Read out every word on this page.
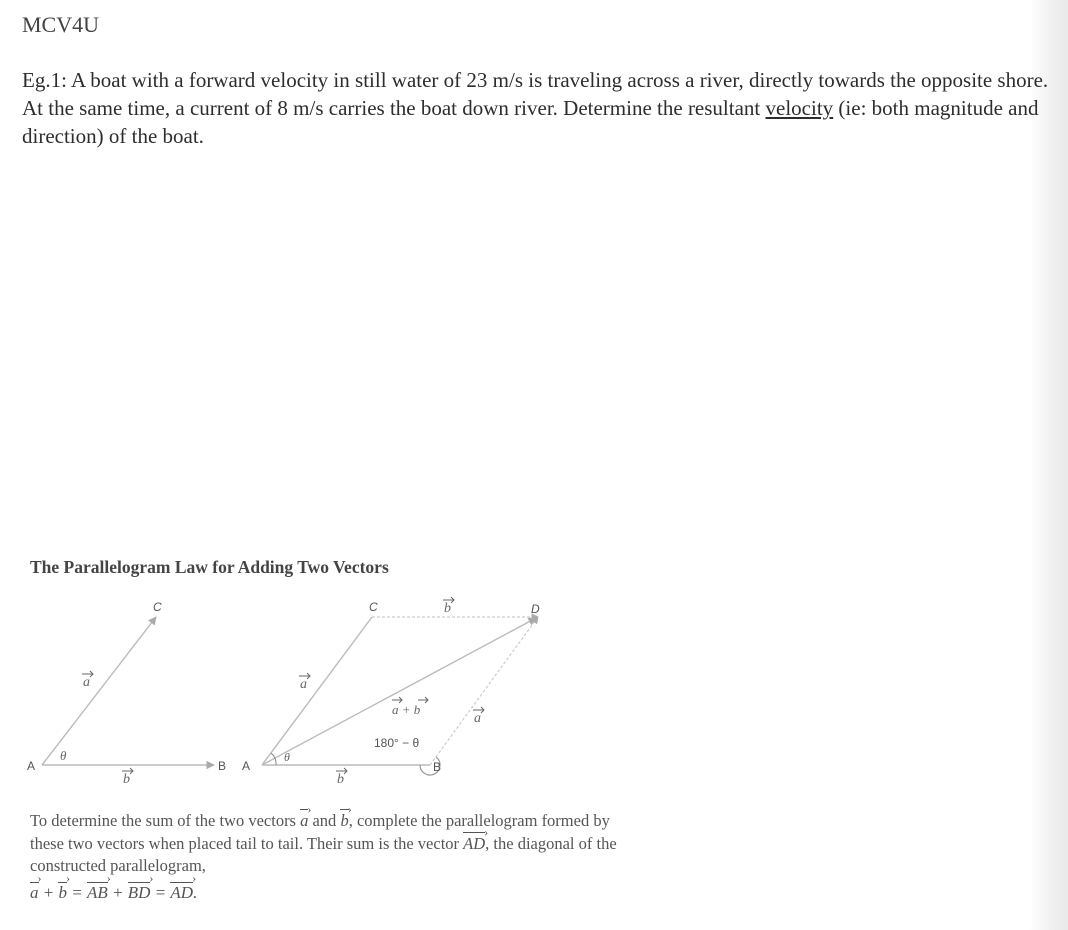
MCV4U
Eg.1: A boat with a forward velocity in still water of 23 m/s is traveling across a river, directly towards the opposite shore. At the same time, a current of 8 m/s carries the boat down river. Determine the resultant velocity (ie: both magnitude and direction) of the boat.
The Parallelogram Law for Adding Two Vectors
A	B
C
a
b
θ
A	B
C	D
a
b
b
a
a + b
180° − θ
θ
To determine the sum of the two vectors › a and › b, complete the parallelogram formed by these two vectors when placed tail to tail. Their sum is the vector › AD, the diagonal of the constructed parallelogram,
› a + › b = › AB + › BD = › AD.
